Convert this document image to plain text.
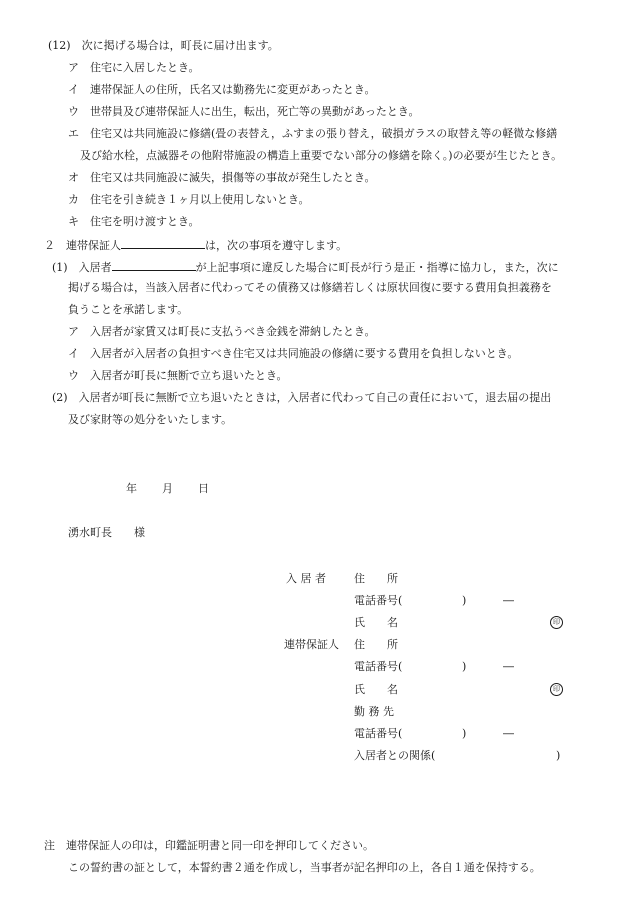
(12)　次に掲げる場合は，町長に届け出ます。
ア　住宅に入居したとき。
イ　連帯保証人の住所，氏名又は勤務先に変更があったとき。
ウ　世帯員及び連帯保証人に出生，転出，死亡等の異動があったとき。
エ　住宅又は共同施設に修繕(畳の表替え，ふすまの張り替え，破損ガラスの取替え等の軽微な修繕
及び給水栓，点滅器その他附帯施設の構造上重要でない部分の修繕を除く。)の必要が生じたとき。
オ　住宅又は共同施設に滅失，損傷等の事故が発生したとき。
カ　住宅を引き続き１ヶ月以上使用しないとき。
キ　住宅を明け渡すとき。
２　連帯保証人	は，次の事項を遵守します。
(1)　入居者	が上記事項に違反した場合に町長が行う是正・指導に協力し，また，次に
掲げる場合は，当該入居者に代わってその債務又は修繕若しくは原状回復に要する費用負担義務を
負うことを承諾します。
ア　入居者が家賃又は町長に支払うべき金銭を滞納したとき。
イ　入居者が入居者の負担すべき住宅又は共同施設の修繕に要する費用を負担しないとき。
ウ　入居者が町長に無断で立ち退いたとき。
(2)　入居者が町長に無断で立ち退いたときは，入居者に代わって自己の責任において，退去届の提出
及び家財等の処分をいたします。
年 月 日
湧水町長　　様
入 居 者	住　　所
電話番号(	)	―
氏　　名	印
連帯保証人 住　　所
電話番号(	)	―
氏　　名	印
勤 務 先
電話番号(	)	―
入居者との関係(	)
注　連帯保証人の印は，印鑑証明書と同一印を押印してください。
この誓約書の証として，本誓約書２通を作成し，当事者が記名押印の上，各自１通を保持する。
